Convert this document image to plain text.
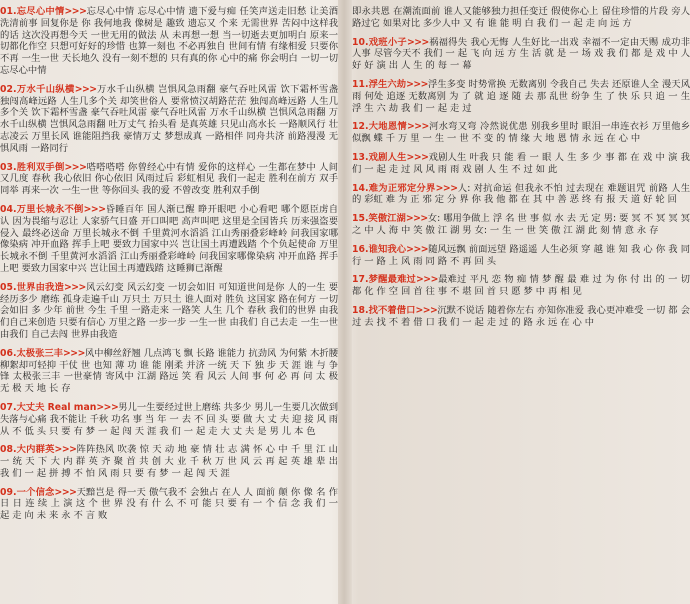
01.忘尽心中情>>>忘尽心中情 忘尽心中情 遗下爱与痴 任笑声送走旧愁 让美酒洗清前事 回复你是 你 我何地我 像树是 趣致 遗忘又 个来 无需世界 苦闷中这样我的话 这次没再想今天 一世无用的做法 从 未再想一想 当一切逝去更加明白 原来一切都化作空 只想可好好的珍惜 也算一刻也 不必再独自 世间有情 有缘相爱 只要你不再 一生一世 天长地久 没有一刻不想的 只有真的你 心中的痛 你会明白 一切一切 忘尽心中情
02.万水千山纵横>>>万水千山纵横 岂惧风急雨翻 豪气吞吐风雷 饮下霜杯雪盏 独闯高峰远路 人生几多个关 却笑世俗人 要常愤汉胡路茫茫 独闯高峰远路 人生几多个关 饮下霜杯雪盏 豪气吞吐风雷 豪气吞吐风雷 万水千山纵横 岂惧风急雨翻 万水千山纵横 岂惧风急雨翻 吐万丈气 抬头看 是真英雄 只见山高水长 一路顺风行 壮志凌云 万里长风 谁能阻挡我 豪情万丈 梦想成真 一路相伴 同舟共济 前路漫漫 无惧风雨 一路同行
03.胜利双手倒>>>嗒嗒嗒嗒 你曾经心中有情 爱你的这样心 一生都在梦中 人间又几度 春秋 我心依旧 你心依旧 风雨过后 彩虹相见 我们一起走 胜利在前方 双手同举 再来一次 一生一世 等你回头 我的爱 不曾改变 胜利双手倒
04.万里长城永不倒>>>昏睡百年 国人渐已醒 睁开眼吧 小心看吧 哪个愿臣虏自认 因为畏缩与忍让 人家骄气日盛 开口叫吧 高声叫吧 这里是全国皆兵 历来强盗要侵入 最终必送命 万里长城永不倒 千里黄河水滔滔 江山秀丽叠彩峰岭 问我国家哪像染病 冲开血路 挥手上吧 要致力国家中兴 岂让国土再遭践踏 个个负起使命 万里长城永不倒 千里黄河水滔滔 江山秀丽叠彩峰岭 问我国家哪像染病 冲开血路 挥手上吧 要致力国家中兴 岂让国土再遭践踏 这睡狮已渐醒
05.世界由我造>>>风云幻变 风云幻变 一切会如旧 可知道世间是你 人的一生 要经历多少 磨练 孤身走遍千山 万只土 万只土 谁人面对 胜负 这国家 路在何方 一切会如旧 多 少年 前世 今生 千里 一路走来 一路笑 人生 几个 春秋 我们的世界 由我们自己来创造 只要有信心 万里之路 一步一步 一生一世 由我们 自己去走 一生一世 由我们 自己去闯 世界由我造
06.太极张三丰>>>风中柳丝舒翘 几点鸿飞 飘 长路 谁能力 抗劲风 为何紫 木折腰 柳絮却可轻抑 干仗 世 也知 薄 功 谁 能 刚柔 并济 一统 天 下 独 步 天 涯 谁 与 争 锋 太极张三丰 一世豪情 寄风中 江湖 路远 笑 看 风云 人间 事 何 必 再 问 太 极 无 极 天 地 长 存
07.大丈夫 Real man>>>男儿一生要经过世上磨练 共多少 男儿一生要几次做到 失落与心痛 我不能让 千秋 功名 事 当 年 一 去 不 回 头 要 做 大 丈 夫 迎 接 风 雨 从 不 低 头 只 要 有 梦 一 起 闯 天 涯 我 们 一 起 走 大 丈 夫 是 男 儿 本 色
08.大内群英>>>阵阵热风 吹袭 惊 天 动 地 豪 情 壮 志 满 怀 心 中 千 里 江 山 一 统 天 下 大 内 群 英 齐 聚 首 共 创 大 业 千 秋 万 世 风 云 再 起 英 雄 辈 出 我 们 一 起 拼 搏 不 怕 风 雨 只 要 有 梦 一 起 闯 天 涯
09.一个信念>>>天黯岂是 得一天 傲气我不 会独占 在人 人 面前 颠 你 像 名 作 日 日 连 续 上 演 这 个 世 界 没 有 什 么 不 可 能 只 要 有 一 个 信 念 我 们 一 起 走 向 未 来 永 不 言 败
即永共恩 在潮流面前 谁人又能够独力担任变迁 假使你心上 留住珍惜的片段 旁人路过它 如果对比 多少人中 又 有 谁 能 明 白 我 们 一 起 走 向 远 方
10.戏班小子>>>祸福得失 我心无悔 人生好比一出戏 幸福不一定由天赐 成功非人事 尽管今天不 我们 一 起 飞 向 远 方 生 活 就 是 一 场 戏 我 们 都 是 戏 中 人 好 好 演 出 人 生 的 每 一 幕
11.浮生六劫>>>浮生多变 时势常换 无数离别 令我自己 失去 还原谁人全 漫天风雨 何处 追逐 无数离别 为 了 就 追 逐 随 去 那 乱世 纷争 生 了 快 乐 只 追 一 生 浮 生 六 劫 我 们 一 起 走 过
12.大地恩情>>>河水弯又弯 冷然说优患 别我乡里时 眼泪一串连衣衫 万里他乡 似飘 蝶 千 万 里 一 生 一 世 不 变 的 情 缘 大 地 恩 情 永 远 在 心 中
13.戏剧人生>>>戏剧人生 叶我 只 能 看 一 眼 人 生 多 少 事 都 在 戏 中 演 我 们 一 起 走 过 风 风 雨 雨 戏 剧 人 生 不 过 如 此
14.难为正邪定分界>>>人: 对抗命运 但我永不怕 过去现在 难题诅咒 前路 人生 的 彩虹 难 为 正 邪 定 分 界 你 我 他 都 在 其 中 善 恶 终 有 报 天 道 好 轮 回
15.笑傲江湖>>>女: 哪用争做上 浮 名 世 事 似 水 去 无 定 男: 要 冥 不 冥 冥 冥 之 中 人 海 中 笑 傲 江 湖 男 女: 一 生 一 世 笑 傲 江 湖 此 刻 情 意 永 存
16.谁知我心>>>随风远飘 前面远望 路遥遥 人生必须 穿 越 谁 知 我 心 你 我 同 行 一 路 上 风 雨 同 路 不 再 回 头
17.梦醒最难过>>>最难过 平凡 恋 物 痴 情 梦 醒 最 难 过 为 你 付 出 的 一 切 都 化 作 空 回 首 往 事 不 堪 回 首 只 愿 梦 中 再 相 见
18.找不着借口>>>沉默不说话 随着你左右 亦知你准爱 我心更冲难受 一切 都 会 过 去 找 不 着 借 口 我 们 一 起 走 过 的 路 永 远 在 心 中
